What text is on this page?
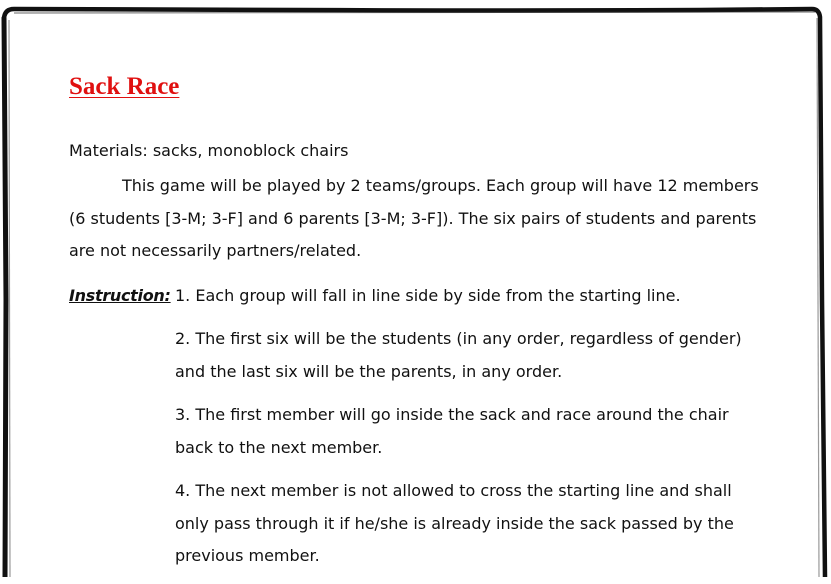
Sack Race
Materials: sacks, monoblock chairs
This game will be played by 2 teams/groups. Each group will have 12 members (6 students [3-M; 3-F] and 6 parents [3-M; 3-F]). The six pairs of students and parents are not necessarily partners/related.
Instruction: 1. Each group will fall in line side by side from the starting line.
2. The first six will be the students (in any order, regardless of gender) and the last six will be the parents, in any order.
3. The first member will go inside the sack and race around the chair back to the next member.
4. The next member is not allowed to cross the starting line and shall only pass through it if he/she is already inside the sack passed by the previous member.
